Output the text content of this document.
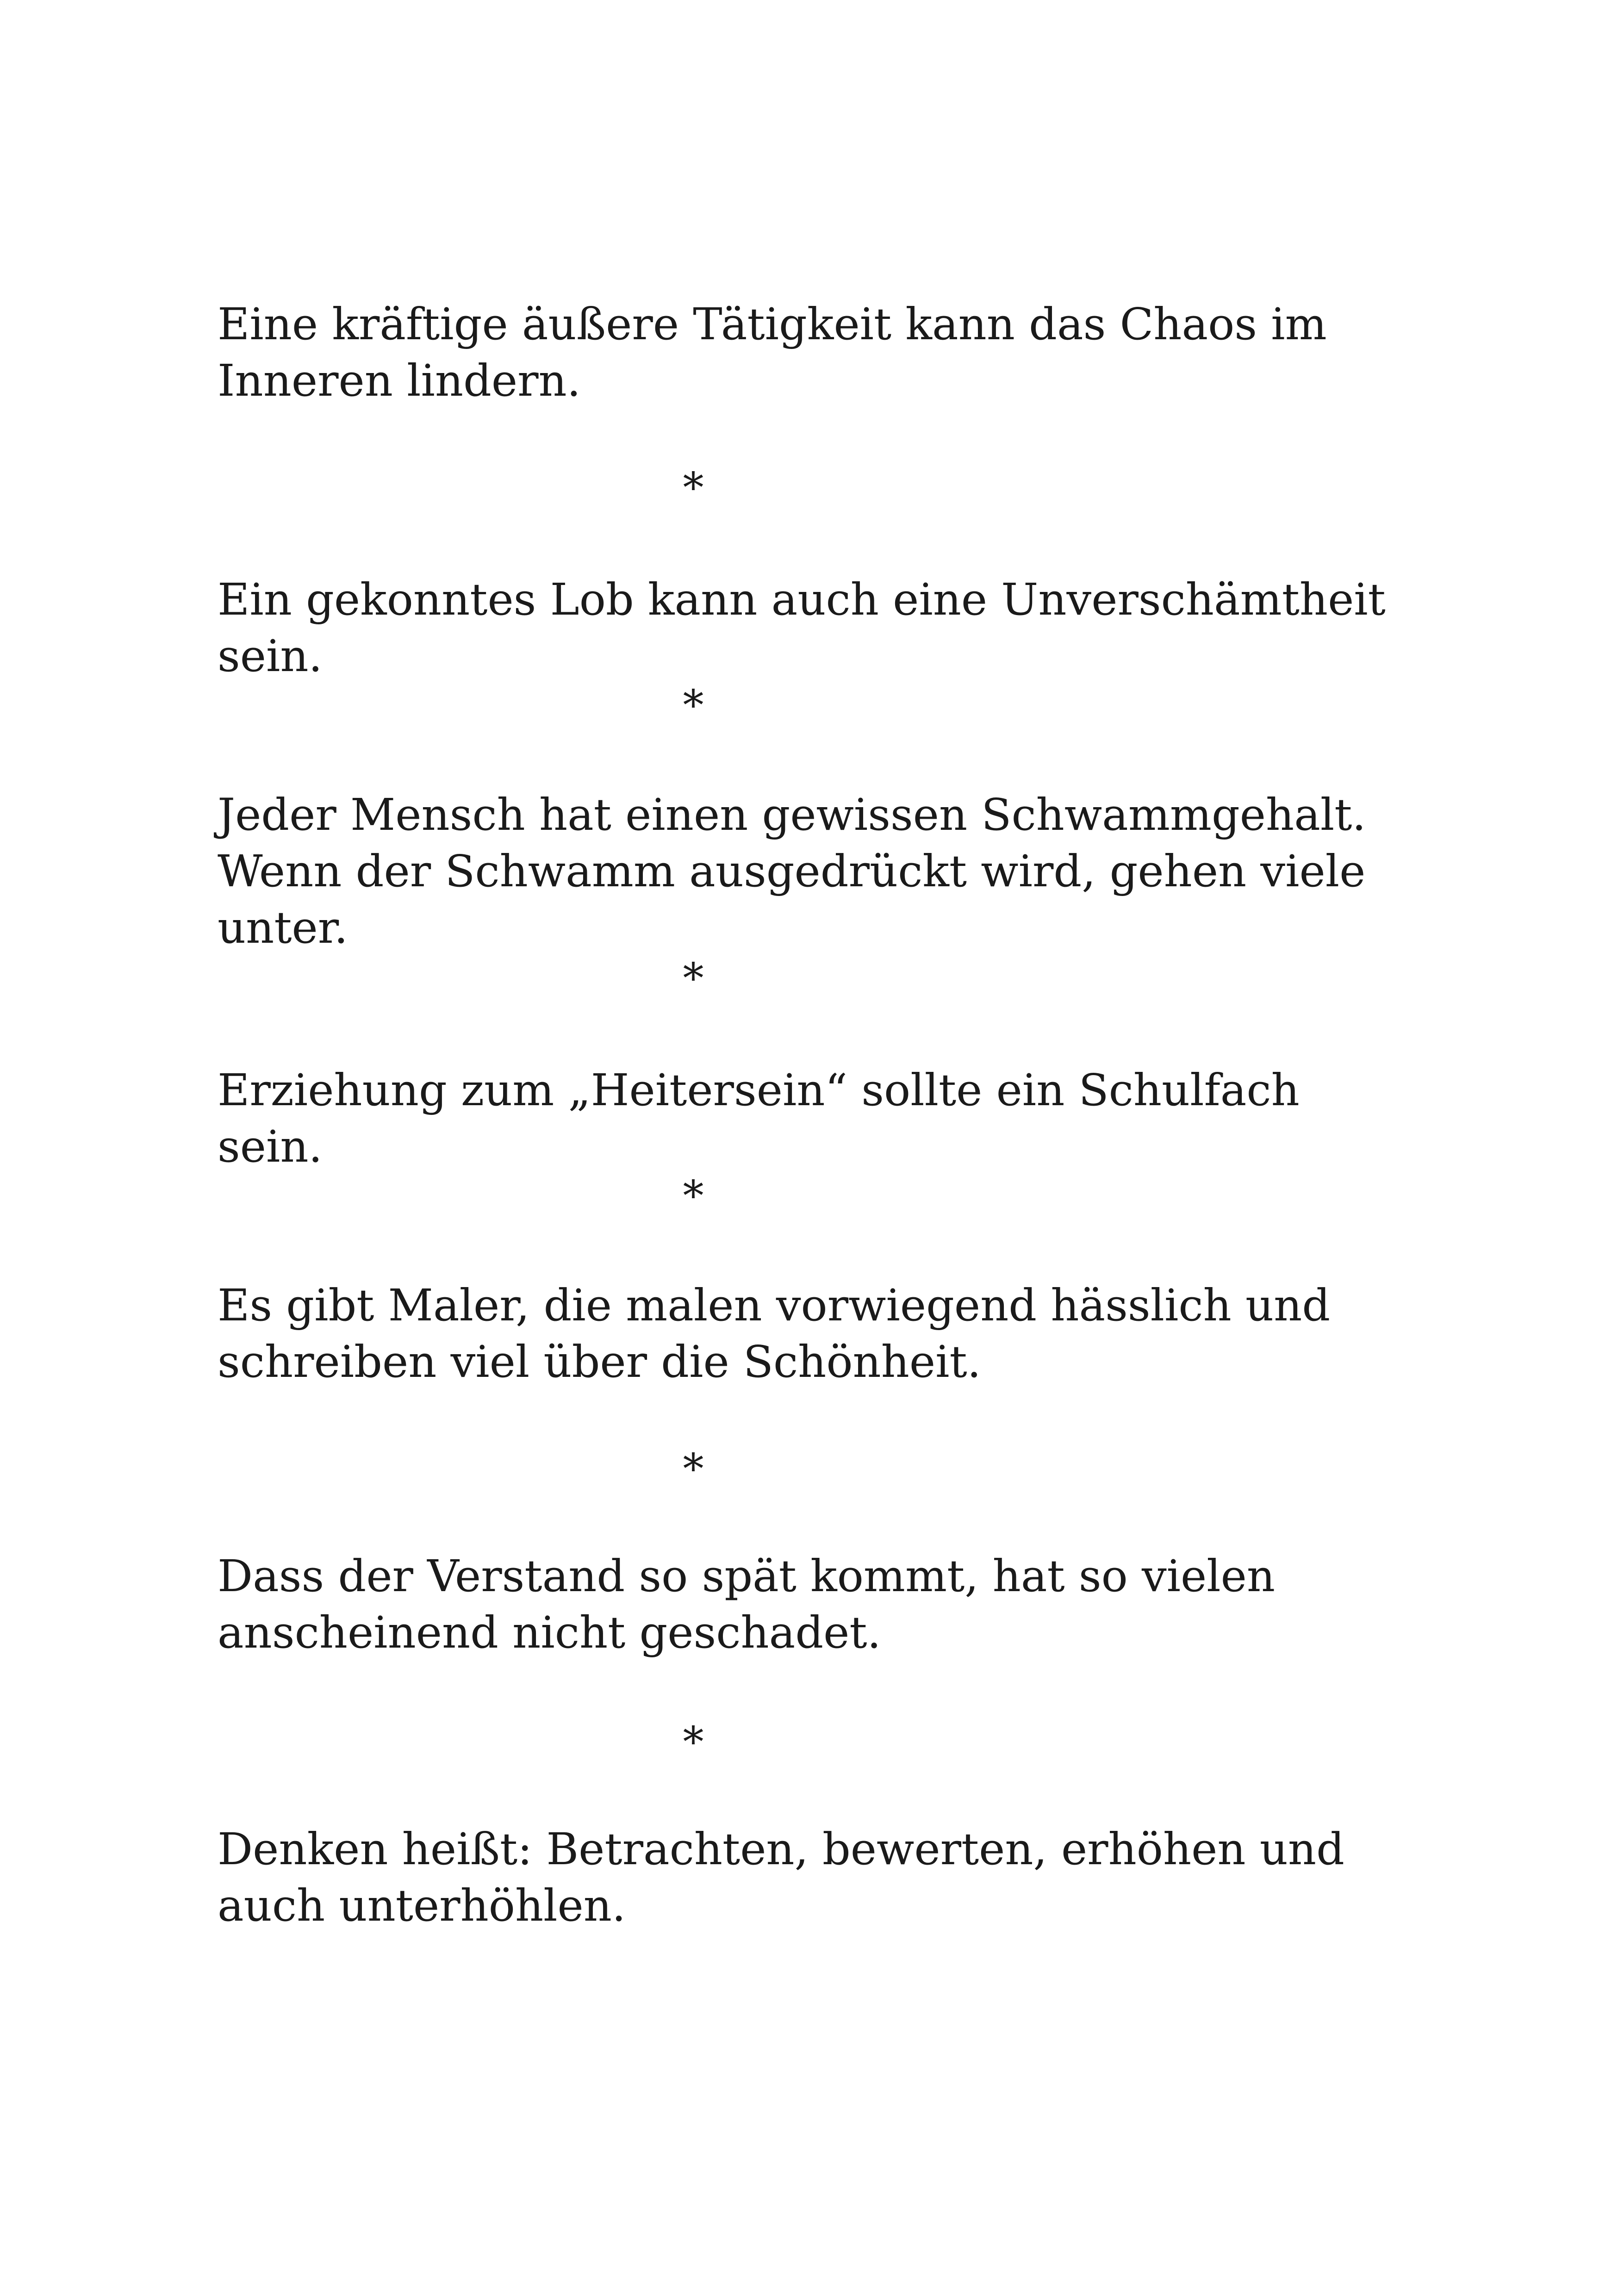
Eine kräftige äußere Tätigkeit kann das Chaos im Inneren lindern.

*

Ein gekonntes Lob kann auch eine Unverschämtheit sein.

*

Jeder Mensch hat einen gewissen Schwammgehalt. Wenn der Schwamm ausgedrückt wird, gehen viele unter.

*

Erziehung zum „Heitersein“ sollte ein Schulfach sein.

*

Es gibt Maler, die malen vorwiegend hässlich und schreiben viel über die Schönheit.

*

Dass der Verstand so spät kommt, hat so vielen anscheinend nicht geschadet.

*

Denken heißt: Betrachten, bewerten, erhöhen und auch unterhöhlen.
